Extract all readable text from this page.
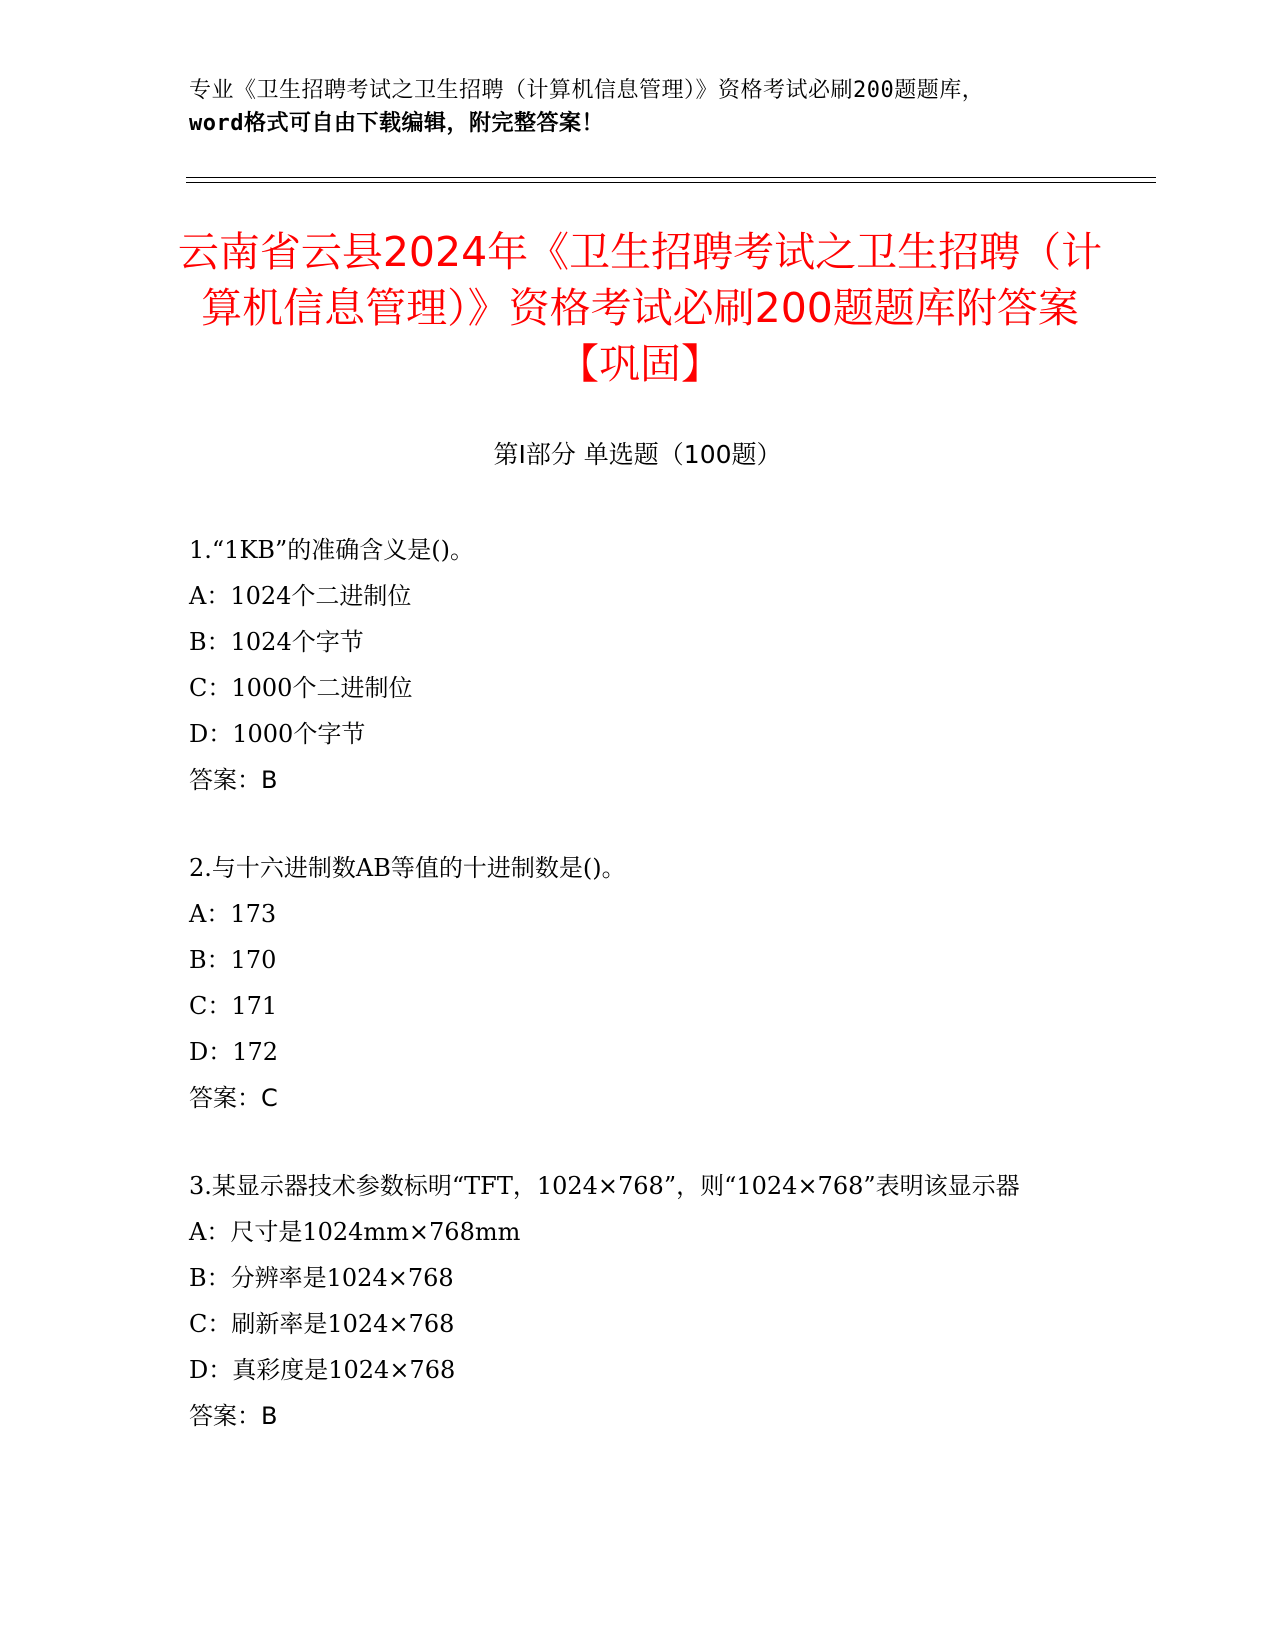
专业《卫生招聘考试之卫生招聘（计算机信息管理）》资格考试必刷200题题库，
word格式可自由下载编辑，附完整答案！
云南省云县2024年《卫生招聘考试之卫生招聘（计算机信息管理）》资格考试必刷200题题库附答案【巩固】
第I部分 单选题（100题）
1.“1KB”的准确含义是()。
A：1024个二进制位
B：1024个字节
C：1000个二进制位
D：1000个字节
答案：B
2.与十六进制数AB等值的十进制数是()。
A：173
B：170
C：171
D：172
答案：C
3.某显示器技术参数标明“TFT，1024×768”，则“1024×768”表明该显示器
A：尺寸是1024mm×768mm
B：分辨率是1024×768
C：刷新率是1024×768
D：真彩度是1024×768
答案：B
